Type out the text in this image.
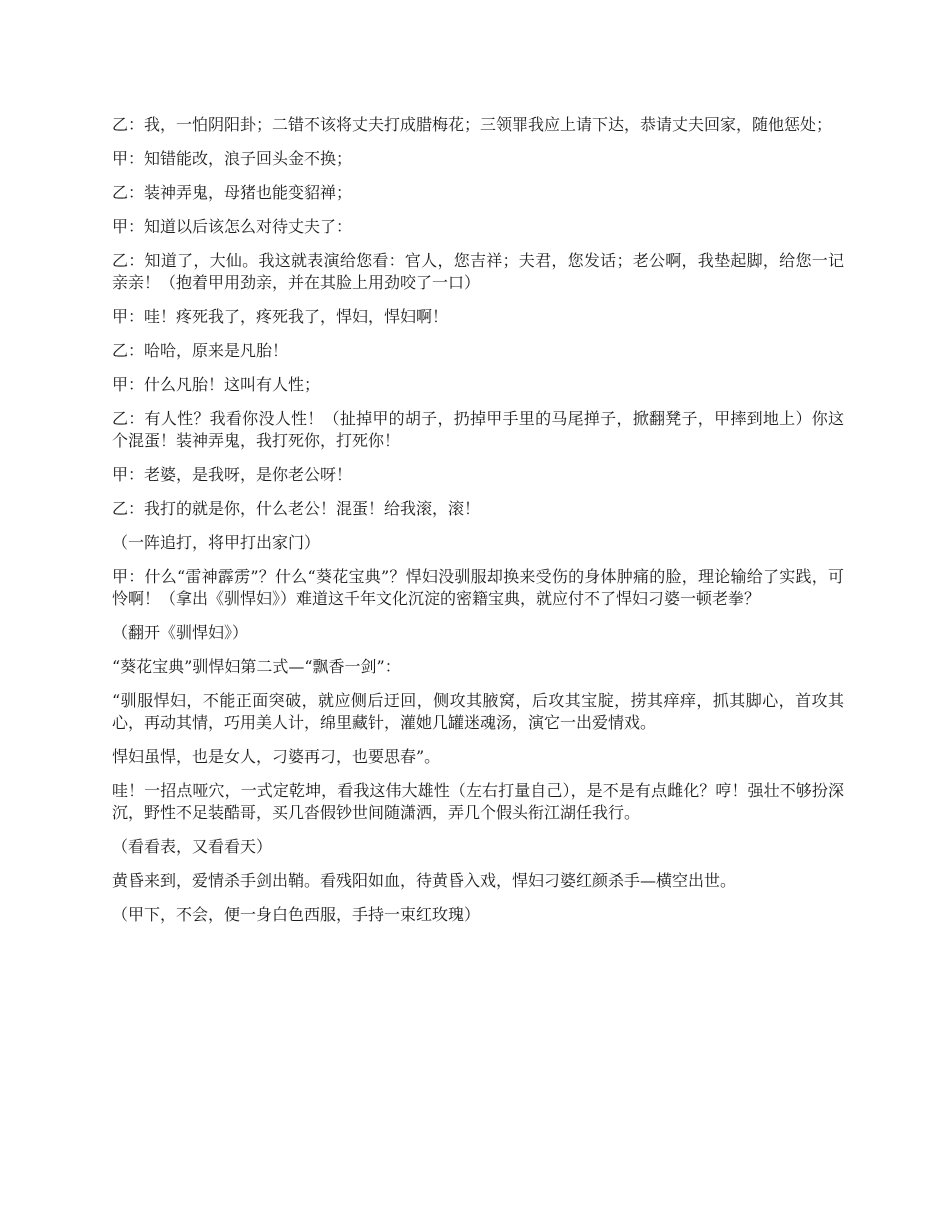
乙：我，一怕阴阳卦；二错不该将丈夫打成腊梅花；三领罪我应上请下达，恭请丈夫回家，随他惩处；

甲：知错能改，浪子回头金不换；

乙：装神弄鬼，母猪也能变貂禅；

甲：知道以后该怎么对待丈夫了：

乙：知道了，大仙。我这就表演给您看：官人，您吉祥；夫君，您发话；老公啊，我垫起脚，给您一记亲亲！（抱着甲用劲亲，并在其脸上用劲咬了一口）

甲：哇！疼死我了，疼死我了，悍妇，悍妇啊！

乙：哈哈，原来是凡胎！

甲：什么凡胎！这叫有人性；

乙：有人性？我看你没人性！（扯掉甲的胡子，扔掉甲手里的马尾掸子，掀翻凳子，甲摔到地上）你这个混蛋！装神弄鬼，我打死你，打死你！

甲：老婆，是我呀，是你老公呀！

乙：我打的就是你，什么老公！混蛋！给我滚，滚！

（一阵追打，将甲打出家门）

甲：什么“雷神霹雳”？什么“葵花宝典”？悍妇没驯服却换来受伤的身体肿痛的脸，理论输给了实践，可怜啊！（拿出《驯悍妇》）难道这千年文化沉淀的密籍宝典，就应付不了悍妇刁婆一顿老拳？

（翻开《驯悍妇》）

“葵花宝典”驯悍妇第二式—“飘香一剑”：

“驯服悍妇，不能正面突破，就应侧后迂回，侧攻其腋窝，后攻其宝腚，捞其痒痒，抓其脚心，首攻其心，再动其情，巧用美人计，绵里藏针，灌她几罐迷魂汤，演它一出爱情戏。

悍妇虽悍，也是女人，刁婆再刁，也要思春”。

哇！一招点哑穴，一式定乾坤，看我这伟大雄性（左右打量自己），是不是有点雌化？哼！强壮不够扮深沉，野性不足装酷哥，买几沓假钞世间随潇洒，弄几个假头衔江湖任我行。

（看看表，又看看天）

黄昏来到，爱情杀手剑出鞘。看残阳如血，待黄昏入戏，悍妇刁婆红颜杀手—横空出世。

（甲下，不会，便一身白色西服，手持一束红玫瑰）
